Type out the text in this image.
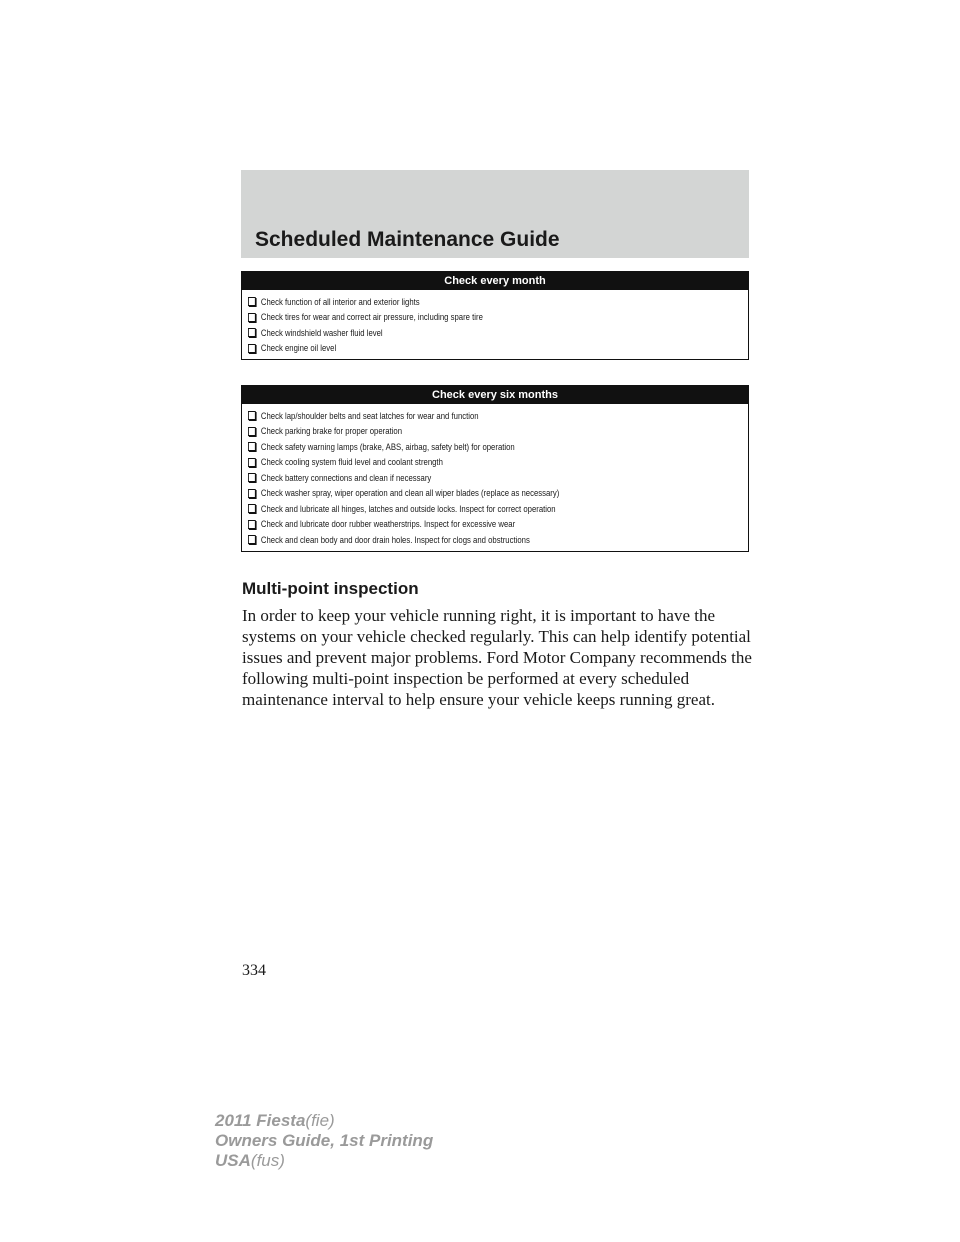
Scheduled Maintenance Guide
Check every month
Check function of all interior and exterior lights
Check tires for wear and correct air pressure, including spare tire
Check windshield washer fluid level
Check engine oil level
Check every six months
Check lap/shoulder belts and seat latches for wear and function
Check parking brake for proper operation
Check safety warning lamps (brake, ABS, airbag, safety belt) for operation
Check cooling system fluid level and coolant strength
Check battery connections and clean if necessary
Check washer spray, wiper operation and clean all wiper blades (replace as necessary)
Check and lubricate all hinges, latches and outside locks. Inspect for correct operation
Check and lubricate door rubber weatherstrips. Inspect for excessive wear
Check and clean body and door drain holes. Inspect for clogs and obstructions
Multi-point inspection

In order to keep your vehicle running right, it is important to have the systems on your vehicle checked regularly. This can help identify potential issues and prevent major problems. Ford Motor Company recommends the following multi-point inspection be performed at every scheduled maintenance interval to help ensure your vehicle keeps running great.

334
2011 Fiesta(fie)
Owners Guide, 1st Printing
USA(fus)
